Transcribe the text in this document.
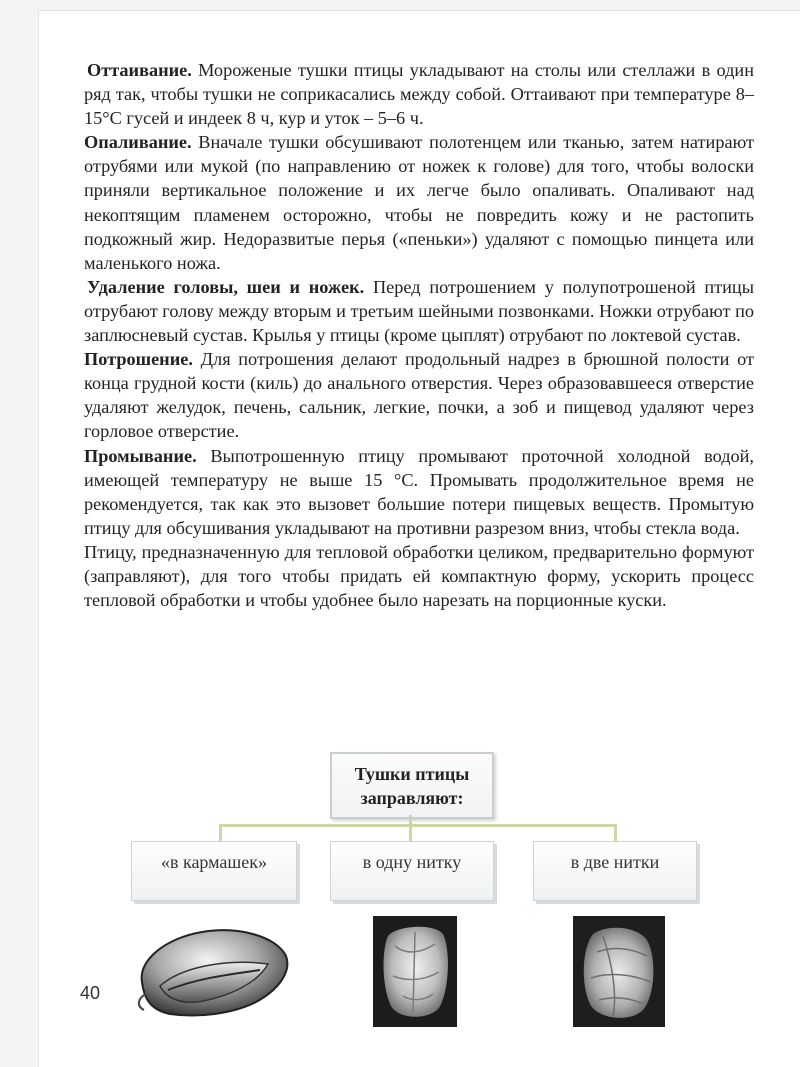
Оттаивание. Мороженые тушки птицы укладывают на столы или стеллажи в один ряд так, чтобы тушки не соприкасались между собой. Оттаивают при температуре 8–15°С гусей и индеек 8 ч, кур и уток – 5–6 ч.

Опаливание. Вначале тушки обсушивают полотенцем или тканью, затем натирают отрубями или мукой (по направлению от ножек к голове) для того, чтобы волоски приняли вертикальное положение и их легче было опаливать. Опаливают над некоптящим пламенем осторожно, чтобы не повредить кожу и не растопить подкожный жир. Недоразвитые перья («пеньки») удаляют с помощью пинцета или маленького ножа.

Удаление головы, шеи и ножек. Перед потрошением у полупотрошеной птицы отрубают голову между вторым и третьим шейными позвонками. Ножки отрубают по заплюсневый сустав. Крылья у птицы (кроме цыплят) отрубают по локтевой сустав.

Потрошение. Для потрошения делают продольный надрез в брюшной полости от конца грудной кости (киль) до анального отверстия. Через образовавшееся отверстие удаляют желудок, печень, сальник, легкие, почки, а зоб и пищевод удаляют через горловое отверстие.

Промывание. Выпотрошенную птицу промывают проточной холодной водой, имеющей температуру не выше 15 °С. Промывать продолжительное время не рекомендуется, так как это вызовет большие потери пищевых веществ. Промытую птицу для обсушивания укладывают на противни разрезом вниз, чтобы стекла вода.

Птицу, предназначенную для тепловой обработки целиком, предварительно формуют (заправляют), для того чтобы придать ей компактную форму, ускорить процесс тепловой обработки и чтобы удобнее было нарезать на порционные куски.

Тушки птицы
заправляют:
«в кармашек»	в одну нитку	в две нитки
40
